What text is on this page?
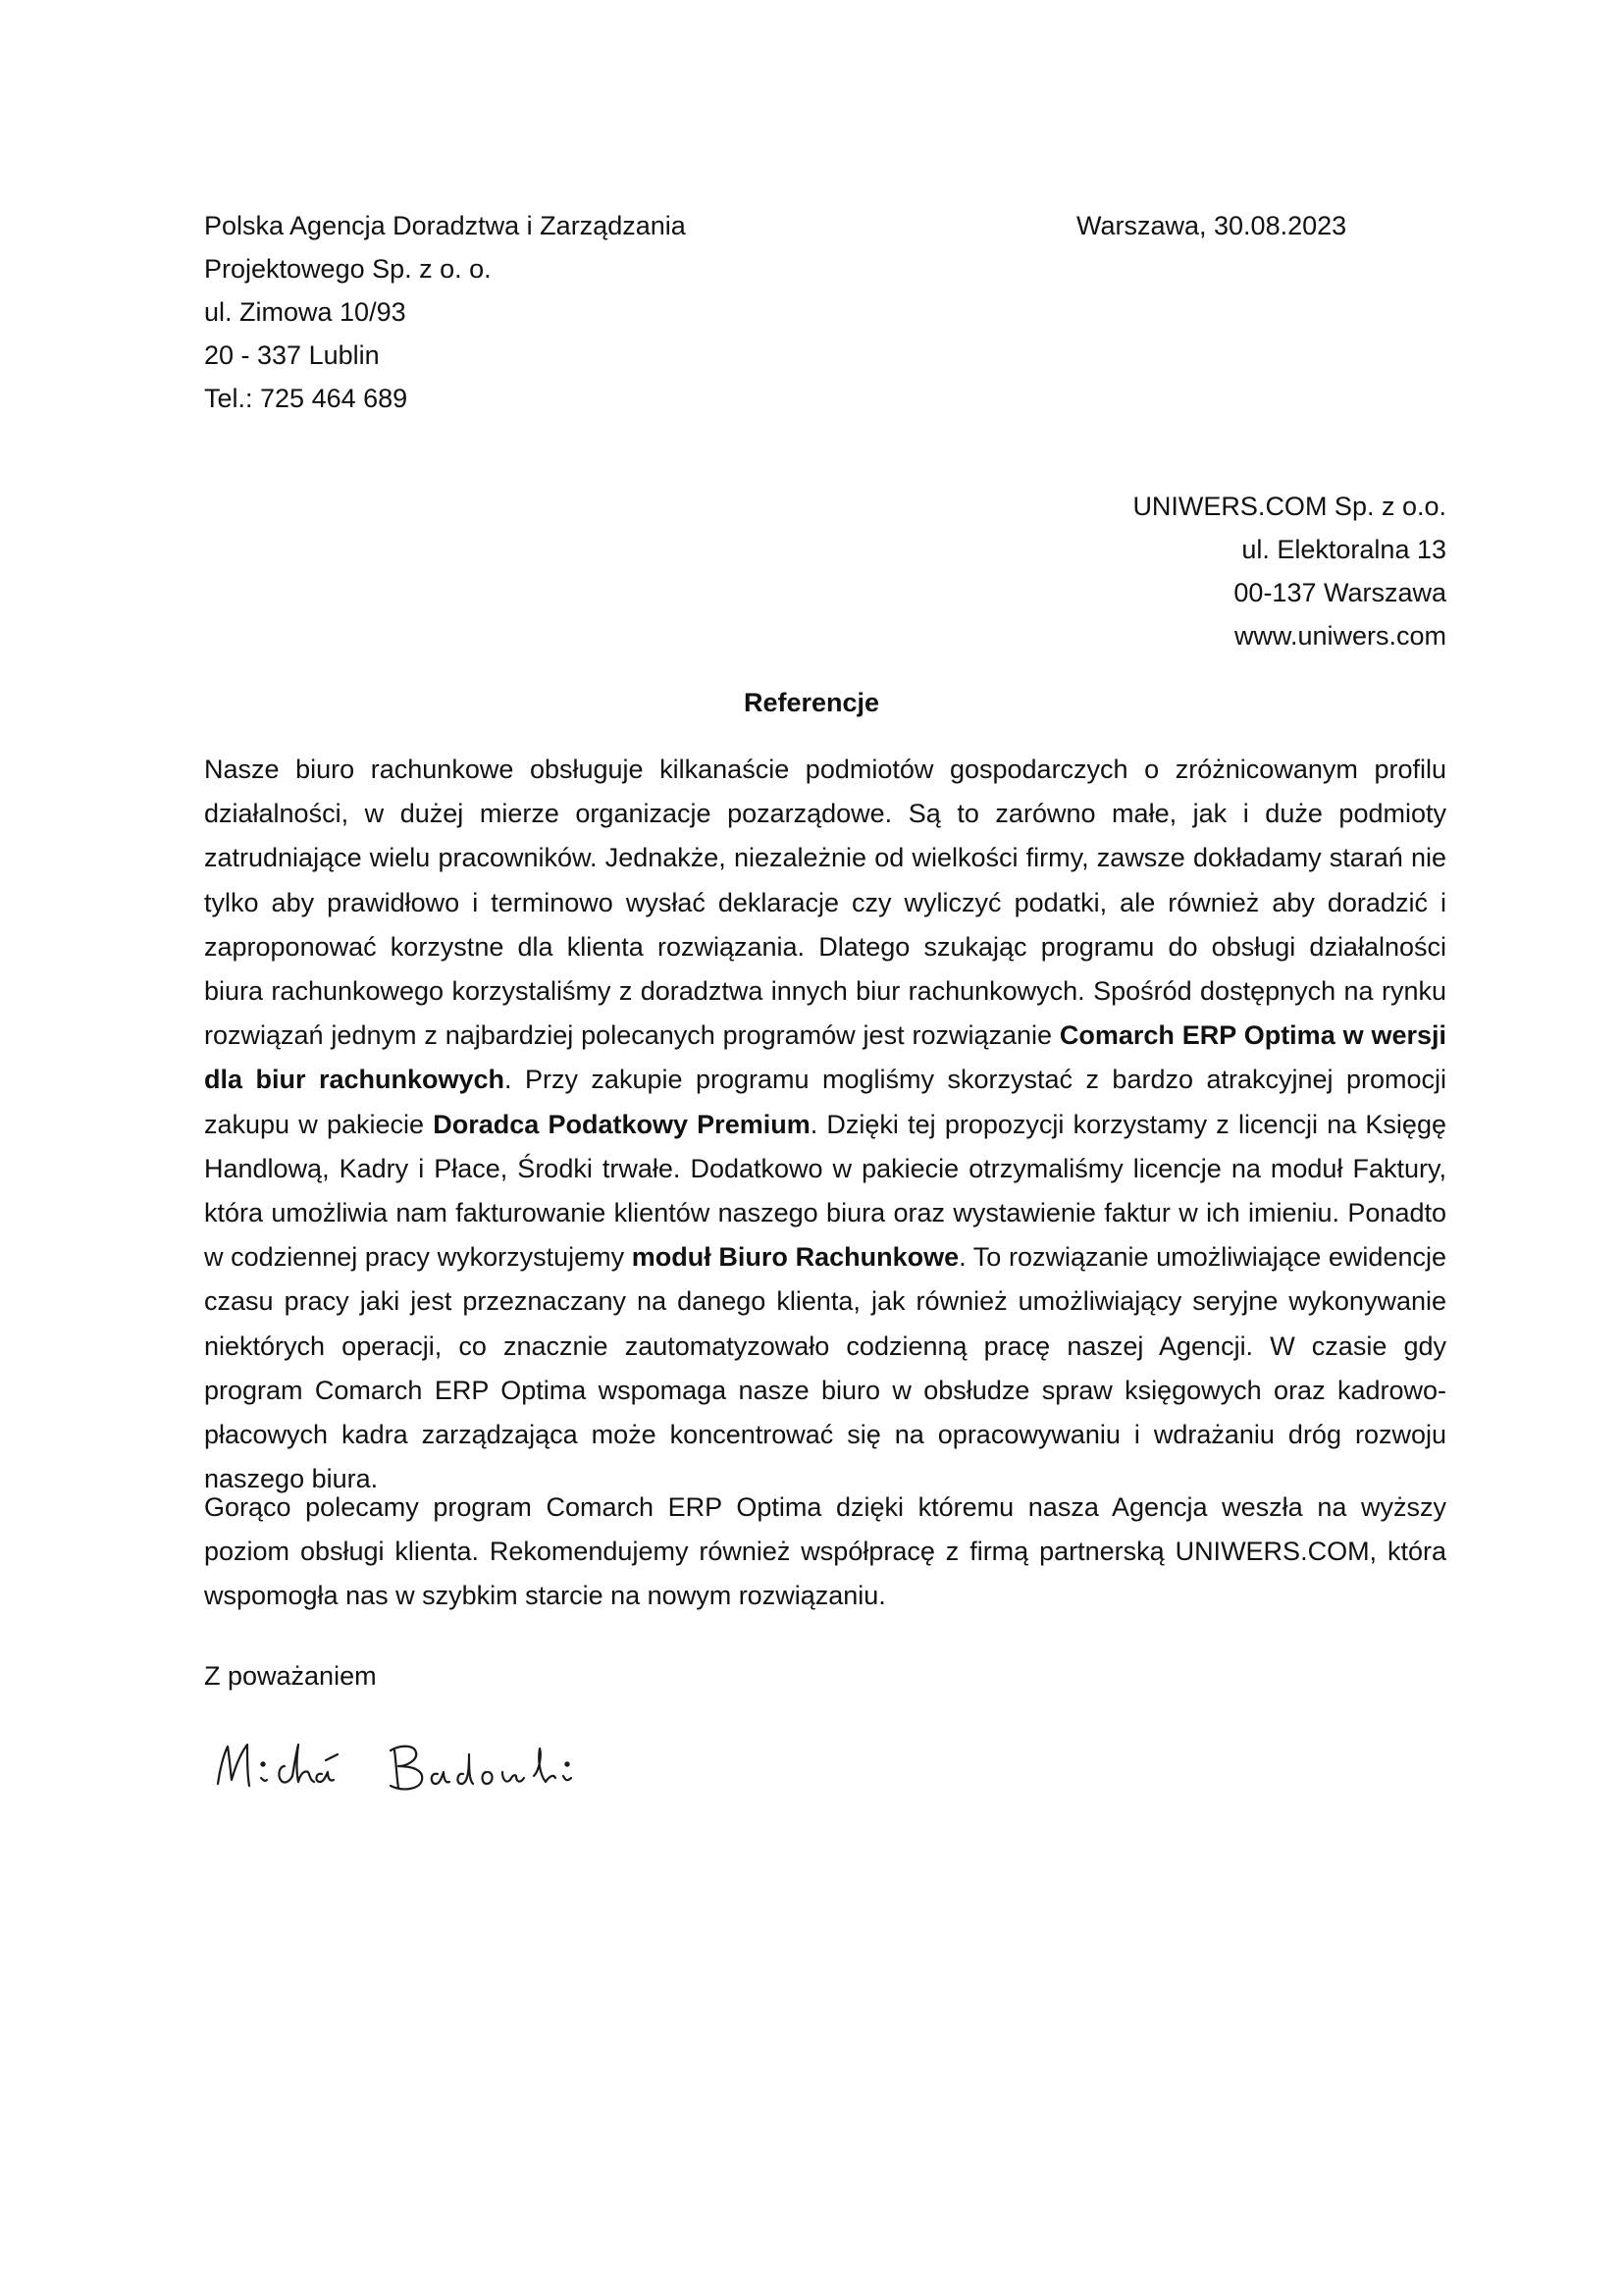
Polska Agencja Doradztwa i Zarządzania
Projektowego Sp. z o. o.
ul. Zimowa 10/93
20 - 337 Lublin
Tel.: 725 464 689
Warszawa, 30.08.2023
UNIWERS.COM Sp. z o.o.
ul. Elektoralna 13
00-137 Warszawa
www.uniwers.com
Referencje

Nasze biuro rachunkowe obsługuje kilkanaście podmiotów gospodarczych o zróżnicowanym profilu działalności, w dużej mierze organizacje pozarządowe. Są to zarówno małe, jak i duże podmioty zatrudniające wielu pracowników. Jednakże, niezależnie od wielkości firmy, zawsze dokładamy starań nie tylko aby prawidłowo i terminowo wysłać deklaracje czy wyliczyć podatki, ale również aby doradzić i zaproponować korzystne dla klienta rozwiązania. Dlatego szukając programu do obsługi działalności biura rachunkowego korzystaliśmy z doradztwa innych biur rachunkowych. Spośród dostępnych na rynku rozwiązań jednym z najbardziej polecanych programów jest rozwiązanie Comarch ERP Optima w wersji dla biur rachunkowych. Przy zakupie programu mogliśmy skorzystać z bardzo atrakcyjnej promocji zakupu w pakiecie Doradca Podatkowy Premium. Dzięki tej propozycji korzystamy z licencji na Księgę Handlową, Kadry i Płace, Środki trwałe. Dodatkowo w pakiecie otrzymaliśmy licencje na moduł Faktury, która umożliwia nam fakturowanie klientów naszego biura oraz wystawienie faktur w ich imieniu. Ponadto w codziennej pracy wykorzystujemy moduł Biuro Rachunkowe. To rozwiązanie umożliwiające ewidencje czasu pracy jaki jest przeznaczany na danego klienta, jak również umożliwiający seryjne wykonywanie niektórych operacji, co znacznie zautomatyzowało codzienną pracę naszej Agencji. W czasie gdy program Comarch ERP Optima wspomaga nasze biuro w obsłudze spraw księgowych oraz kadrowo-płacowych kadra zarządzająca może koncentrować się na opracowywaniu i wdrażaniu dróg rozwoju naszego biura.

Gorąco polecamy program Comarch ERP Optima dzięki któremu nasza Agencja weszła na wyższy poziom obsługi klienta. Rekomendujemy również współpracę z firmą partnerską UNIWERS.COM, która wspomogła nas w szybkim starcie na nowym rozwiązaniu.

Z poważaniem
